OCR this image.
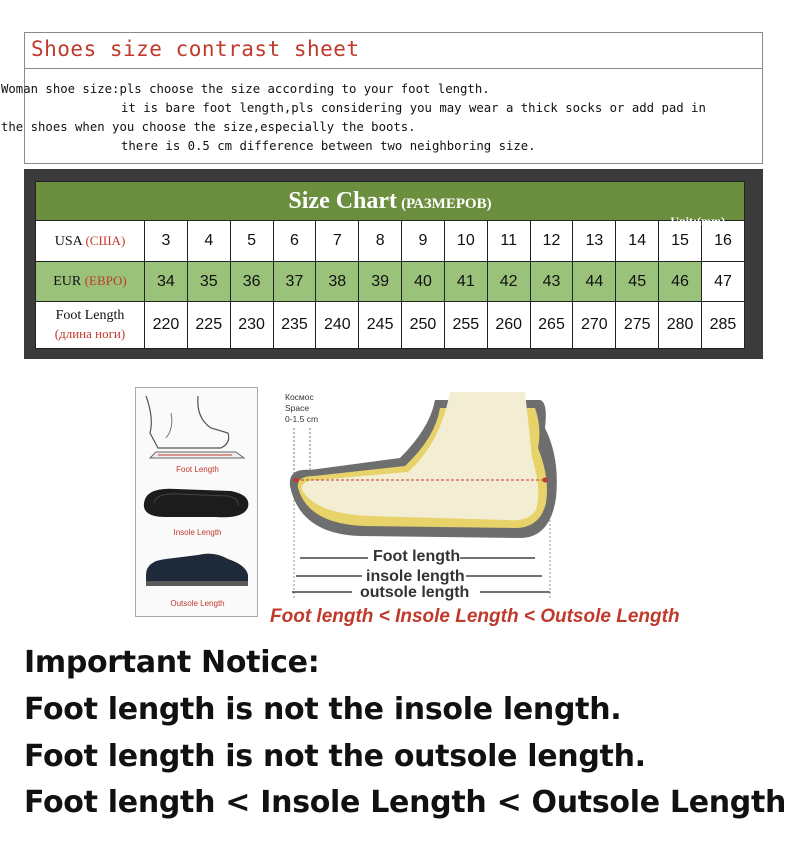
Shoes size contrast sheet

Woman shoe size:pls choose the size according to your foot length.

it is bare foot length,pls considering you may wear a thick socks or add pad in

the shoes when you choose the size,especially the boots.

there is 0.5 cm difference between two neighboring size.

Size Chart (РАЗМЕРОВ)														
USA (США)	3	4	5	6	7	8	9	10	11	12	13	14	15	16
EUR (ЕВРО)	34	35	36	37	38	39	40	41	42	43	44	45	46	47
Foot Length
(длина ноги)	220	225	230	235	240	245	250	255	260	265	270	275	280	285
Unit:(mm)
Foot Length
Insole Length
Outsole Length
Космос
Space
0-1.5 cm
Foot length
insole length
outsole length
Foot length < Insole Length < Outsole Length
Important Notice:
Foot length is not the insole length.
Foot length is not the outsole length.
Foot length < Insole Length < Outsole Length
